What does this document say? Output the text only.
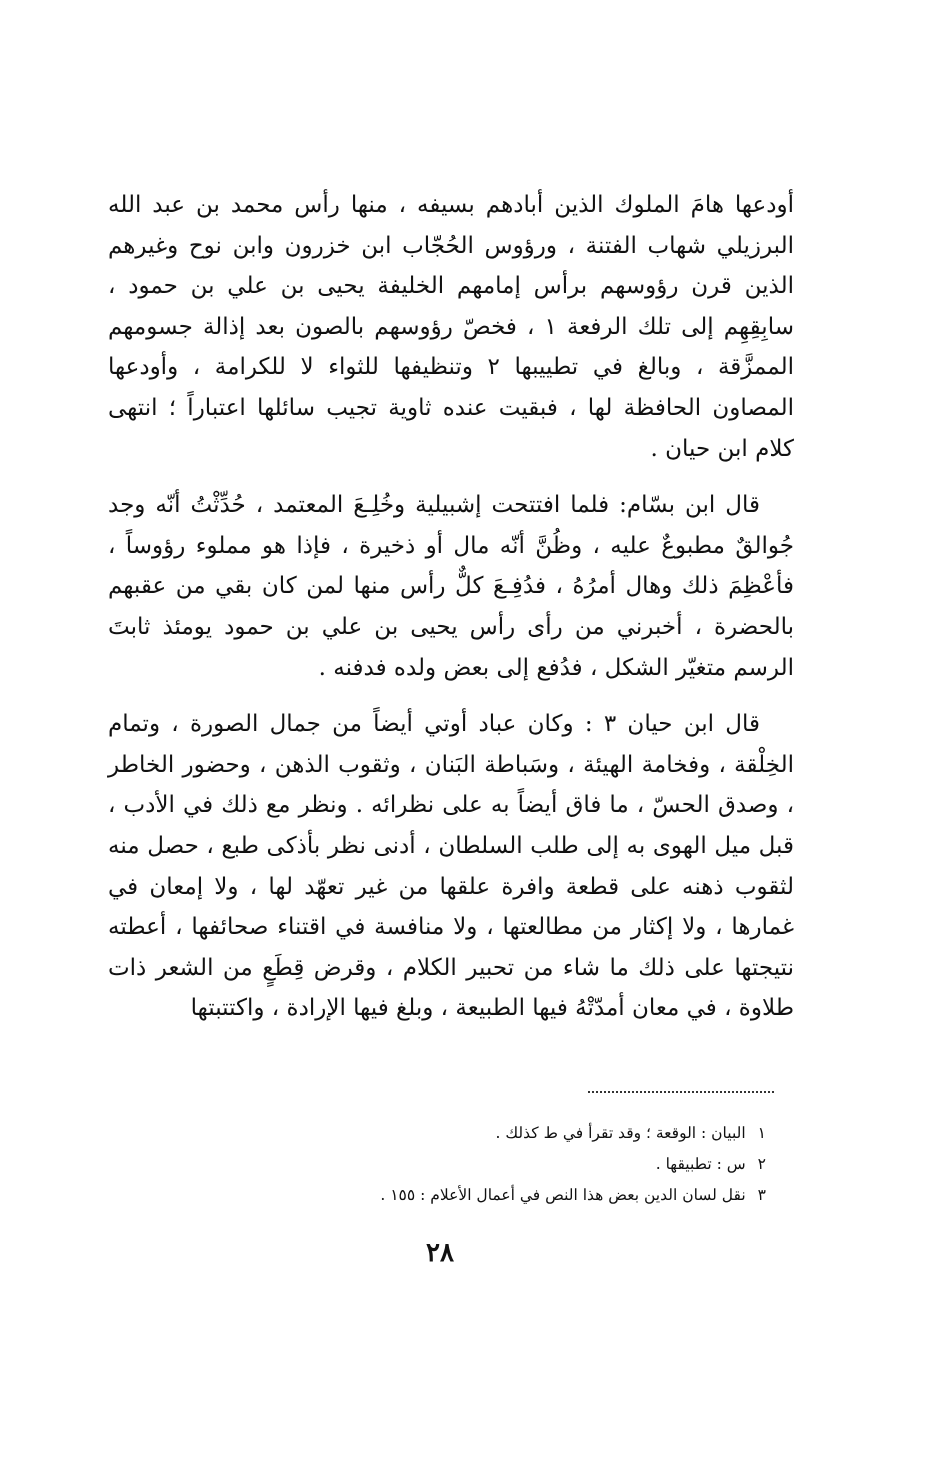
أودعها هامَ الملوك الذين أبادهم بسيفه ، منها رأس محمد بن عبد الله البرزيلي شهاب الفتنة ، ورؤوس الحُجّاب ابن خزرون وابن نوح وغيرهم الذين قرن رؤوسهم برأس إمامهم الخليفة يحيى بن علي بن حمود ، سابِقِهِم إلى تلك الرفعة ١ ، فخصّ رؤوسهم بالصون بعد إذالة جسومهم الممزَّقة ، وبالغ في تطييبها ٢ وتنظيفها للثواء لا للكرامة ، وأودعها المصاون الحافظة لها ، فبقيت عنده ثاوية تجيب سائلها اعتباراً ؛ انتهى كلام ابن حيان .

قال ابن بسّام: فلما افتتحت إشبيلية وخُلِـعَ المعتمد ، حُدِّثْتُ أنّه وجد جُوالقٌ مطبوعٌ عليه ، وظُنَّ أنّه مال أو ذخيرة ، فإذا هو مملوء رؤوساً ، فأعْظِمَ ذلك وهال أمرُهُ ، فدُفِـعَ كلٌّ رأس منها لمن كان بقي من عقبهم بالحضرة ، أخبرني من رأى رأس يحيى بن علي بن حمود يومئذ ثابتَ الرسم متغيّر الشكل ، فدُفع إلى بعض ولده فدفنه .

قال ابن حيان ٣ : وكان عباد أوتي أيضاً من جمال الصورة ، وتمام الخِلْقة ، وفخامة الهيئة ، وسَباطة البَنان ، وثقوب الذهن ، وحضور الخاطر ، وصدق الحسّ ، ما فاق أيضاً به على نظرائه . ونظر مع ذلك في الأدب ، قبل ميل الهوى به إلى طلب السلطان ، أدنى نظر بأذكى طبع ، حصل منه لثقوب ذهنه على قطعة وافرة علقها من غير تعهّد لها ، ولا إمعان في غمارها ، ولا إكثار من مطالعتها ، ولا منافسة في اقتناء صحائفها ، أعطته نتيجتها على ذلك ما شاء من تحبير الكلام ، وقرض قِطَعٍ من الشعر ذات طلاوة ، في معان أمدّتْهُ فيها الطبيعة ، وبلغ فيها الإرادة ، واكتتبتها

١البيان : الوقعة ؛ وقد تقرأ في ط كذلك .

٢س : تطبيقها .

٣نقل لسان الدين بعض هذا النص في أعمال الأعلام : ١٥٥ .

٢٨
